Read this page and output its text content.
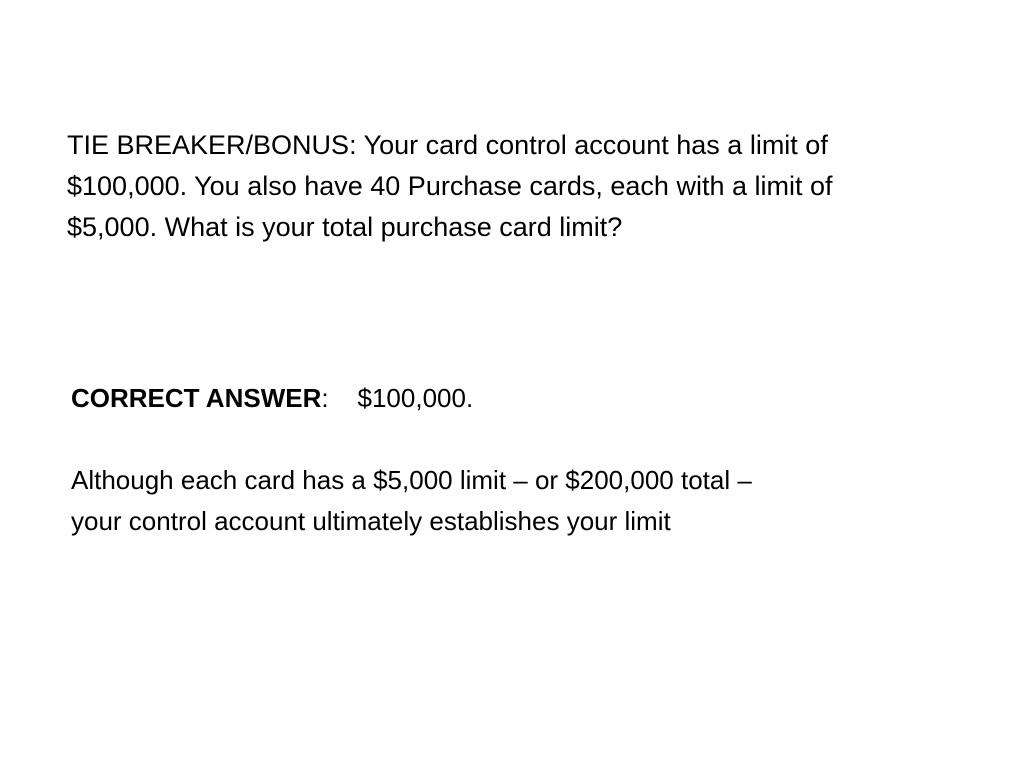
TIE BREAKER/BONUS: Your card control account has a limit of
$100,000. You also have 40 Purchase cards, each with a limit of
$5,000. What is your total purchase card limit?
CORRECT ANSWER: $100,000.
Although each card has a $5,000 limit – or $200,000 total –
your control account ultimately establishes your limit
